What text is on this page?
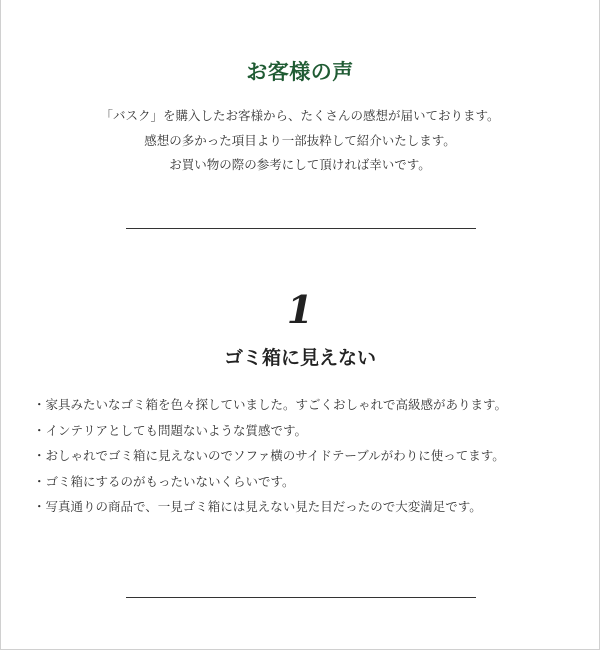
お客様の声
「バスク」を購入したお客様から、たくさんの感想が届いております。
感想の多かった項目より一部抜粋して紹介いたします。
お買い物の際の参考にして頂ければ幸いです。
1
ゴミ箱に見えない
・ 家具みたいなゴミ箱を色々探していました。すごくおしゃれで高級感があります。
・ インテリアとしても問題ないような質感です。
・ おしゃれでゴミ箱に見えないのでソファ横のサイドテーブルがわりに使ってます。
・ ゴミ箱にするのがもったいないくらいです。
・ 写真通りの商品で、一見ゴミ箱には見えない見た目だったので大変満足です。
